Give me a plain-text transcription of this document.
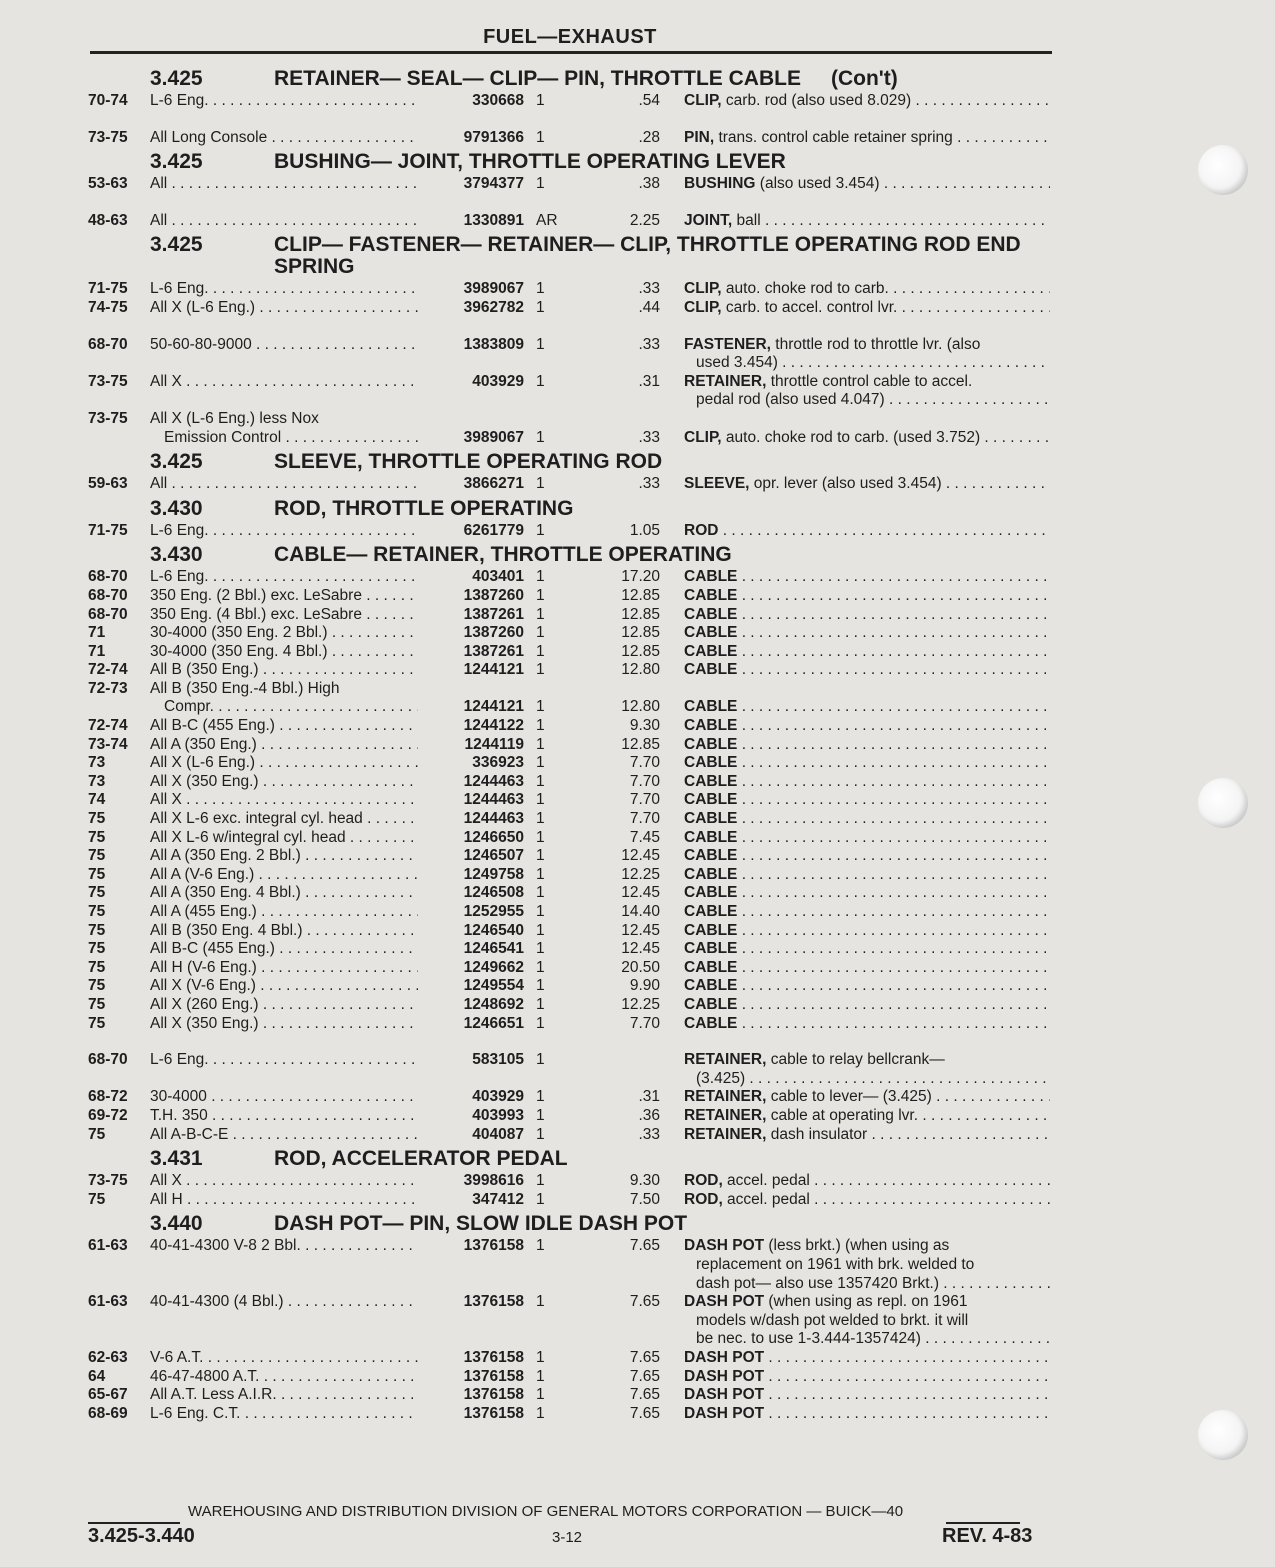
FUEL—EXHAUST
3.425	RETAINER— SEAL— CLIP— PIN, THROTTLE CABLE (Con't)
70-74 L-6 Eng. . . .	330668 1	.54 CLIP, carb. rod (also used 8.029) . . .
73-75 All Long Console . . .	9791366 1	.28 PIN, trans. control cable retainer spring . . .
3.425	BUSHING— JOINT, THROTTLE OPERATING LEVER
53-63 All . . .	3794377 1	.38 BUSHING (also used 3.454) . . .
48-63 All . . .	1330891 AR	2.25 JOINT, ball . . .
3.425	CLIP— FASTENER— RETAINER— CLIP, THROTTLE OPERATING ROD END SPRING
71-75 L-6 Eng. . . .	3989067 1	.33 CLIP, auto. choke rod to carb. . . .
74-75 All X (L-6 Eng.) . . .	3962782 1	.44 CLIP, carb. to accel. control lvr. . . .
68-70 50-60-80-9000 . . .	1383809 1	.33 FASTENER, throttle rod to throttle lvr. (also
used 3.454) . . .
73-75 All X . . .	403929 1	.31 RETAINER, throttle control cable to accel.
pedal rod (also used 4.047) . . .
73-75 All X (L-6 Eng.) less Nox
Emission Control . . .	3989067 1	.33 CLIP, auto. choke rod to carb. (used 3.752) . . .
3.425	SLEEVE, THROTTLE OPERATING ROD
59-63 All . . .	3866271 1	.33 SLEEVE, opr. lever (also used 3.454) . . .
3.430	ROD, THROTTLE OPERATING
71-75 L-6 Eng. . . .	6261779 1	1.05 ROD . . .
3.430	CABLE— RETAINER, THROTTLE OPERATING
68-70 L-6 Eng. . . .	403401 1	17.20 CABLE . . .
68-70 350 Eng. (2 Bbl.) exc. LeSabre . . .	1387260 1	12.85 CABLE . . .
68-70 350 Eng. (4 Bbl.) exc. LeSabre . . .	1387261 1	12.85 CABLE . . .
71	30-4000 (350 Eng. 2 Bbl.) . . .	1387260 1	12.85 CABLE . . .
71	30-4000 (350 Eng. 4 Bbl.) . . .	1387261 1	12.85 CABLE . . .
72-74 All B (350 Eng.) . . .	1244121 1	12.80 CABLE . . .
72-73 All B (350 Eng.-4 Bbl.) High
Compr. . . .	1244121 1	12.80 CABLE . . .
72-74 All B-C (455 Eng.) . . .	1244122 1	9.30 CABLE . . .
73-74 All A (350 Eng.) . . .	1244119 1	12.85 CABLE . . .
73	All X (L-6 Eng.) . . .	336923 1	7.70 CABLE . . .
73	All X (350 Eng.) . . .	1244463 1	7.70 CABLE . . .
74	All X . . .	1244463 1	7.70 CABLE . . .
75	All X L-6 exc. integral cyl. head . . .	1244463 1	7.70 CABLE . . .
75	All X L-6 w/integral cyl. head . . .	1246650 1	7.45 CABLE . . .
75	All A (350 Eng. 2 Bbl.) . . .	1246507 1	12.45 CABLE . . .
75	All A (V-6 Eng.) . . .	1249758 1	12.25 CABLE . . .
75	All A (350 Eng. 4 Bbl.) . . .	1246508 1	12.45 CABLE . . .
75	All A (455 Eng.) . . .	1252955 1	14.40 CABLE . . .
75	All B (350 Eng. 4 Bbl.) . . .	1246540 1	12.45 CABLE . . .
75	All B-C (455 Eng.) . . .	1246541 1	12.45 CABLE . . .
75	All H (V-6 Eng.) . . .	1249662 1	20.50 CABLE . . .
75	All X (V-6 Eng.) . . .	1249554 1	9.90 CABLE . . .
75	All X (260 Eng.) . . .	1248692 1	12.25 CABLE . . .
75	All X (350 Eng.) . . .	1246651 1	7.70 CABLE . . .
68-70 L-6 Eng. . . .	583105 1	RETAINER, cable to relay bellcrank—
(3.425) . . .
68-72 30-4000 . . .	403929 1	.31 RETAINER, cable to lever— (3.425) . . .
69-72 T.H. 350 . . .	403993 1	.36 RETAINER, cable at operating lvr. . . .
75	All A-B-C-E . . .	404087 1	.33 RETAINER, dash insulator . . .
3.431	ROD, ACCELERATOR PEDAL
73-75 All X . . .	3998616 1	9.30 ROD, accel. pedal . . .
75	All H . . .	347412 1	7.50 ROD, accel. pedal . . .
3.440	DASH POT— PIN, SLOW IDLE DASH POT
61-63 40-41-4300 V-8 2 Bbl. . . .	1376158 1	7.65 DASH POT (less brkt.) (when using as
replacement on 1961 with brk. welded to
dash pot— also use 1357420 Brkt.) . . .
61-63 40-41-4300 (4 Bbl.) . . .	1376158 1	7.65 DASH POT (when using as repl. on 1961
models w/dash pot welded to brkt. it will
be nec. to use 1-3.444-1357424) . . .
62-63 V-6 A.T. . . .	1376158 1	7.65 DASH POT . . .
64	46-47-4800 A.T. . . .	1376158 1	7.65 DASH POT . . .
65-67 All A.T. Less A.I.R. . . .	1376158 1	7.65 DASH POT . . .
68-69 L-6 Eng. C.T. . . .	1376158 1	7.65 DASH POT . . .
WAREHOUSING AND DISTRIBUTION DIVISION OF GENERAL MOTORS CORPORATION — BUICK—40
3.425-3.440	3-12	REV. 4-83
